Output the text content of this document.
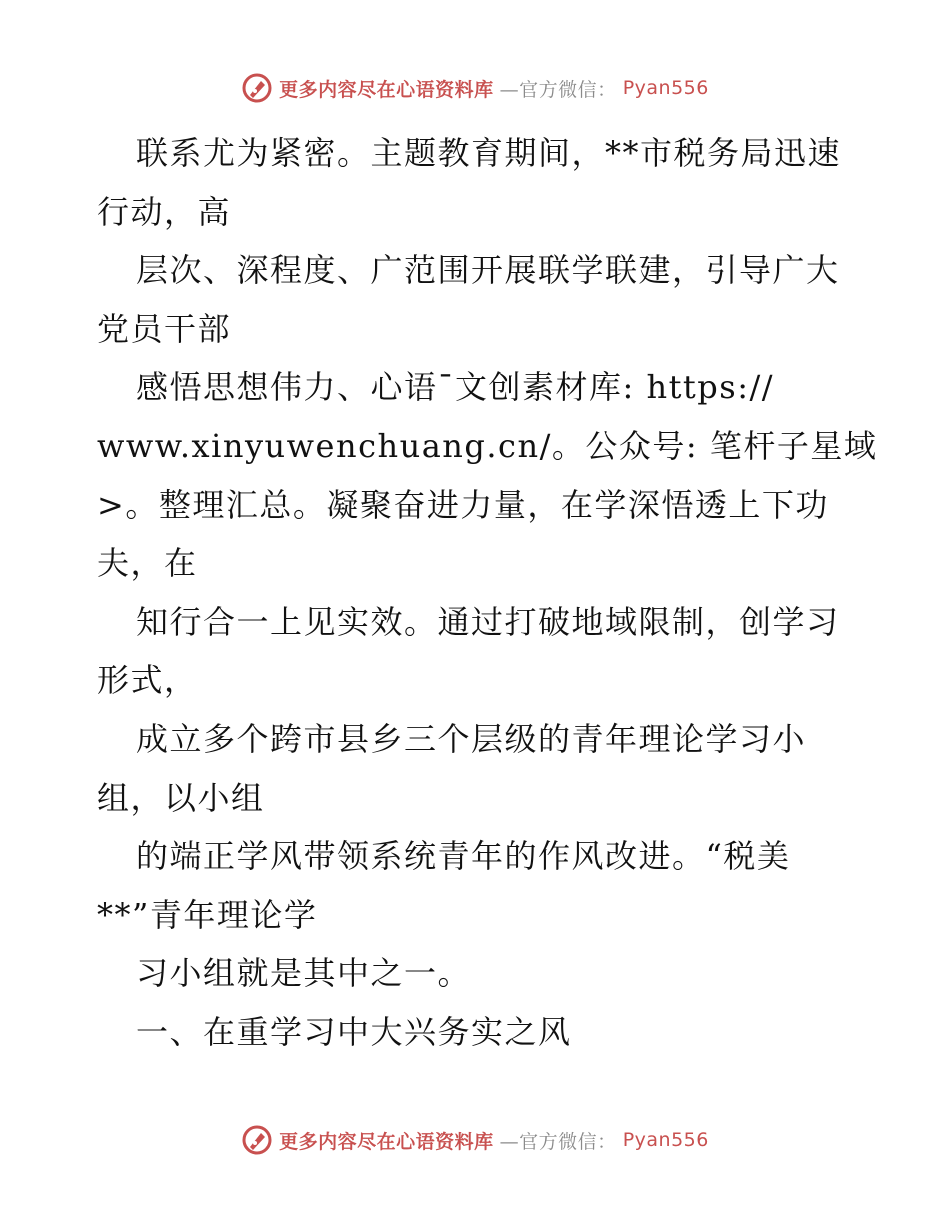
更多内容尽在心语资料库 —官方微信： Pyan556
联系尤为紧密。主题教育期间，**市税务局迅速
行动，高
层次、深程度、广范围开展联学联建，引导广大
党员干部
感悟思想伟力、心语¯文创素材库: https://
www.xinyuwenchuang.cn/。公众号: 笔杆子星域
>。整理汇总。凝聚奋进力量，在学深悟透上下功
夫，在
知行合一上见实效。通过打破地域限制，创学习
形式，
成立多个跨市县乡三个层级的青年理论学习小
组，以小组
的端正学风带领系统青年的作风改进。“税美
**”青年理论学
习小组就是其中之一。
一、在重学习中大兴务实之风
更多内容尽在心语资料库 —官方微信： Pyan556
